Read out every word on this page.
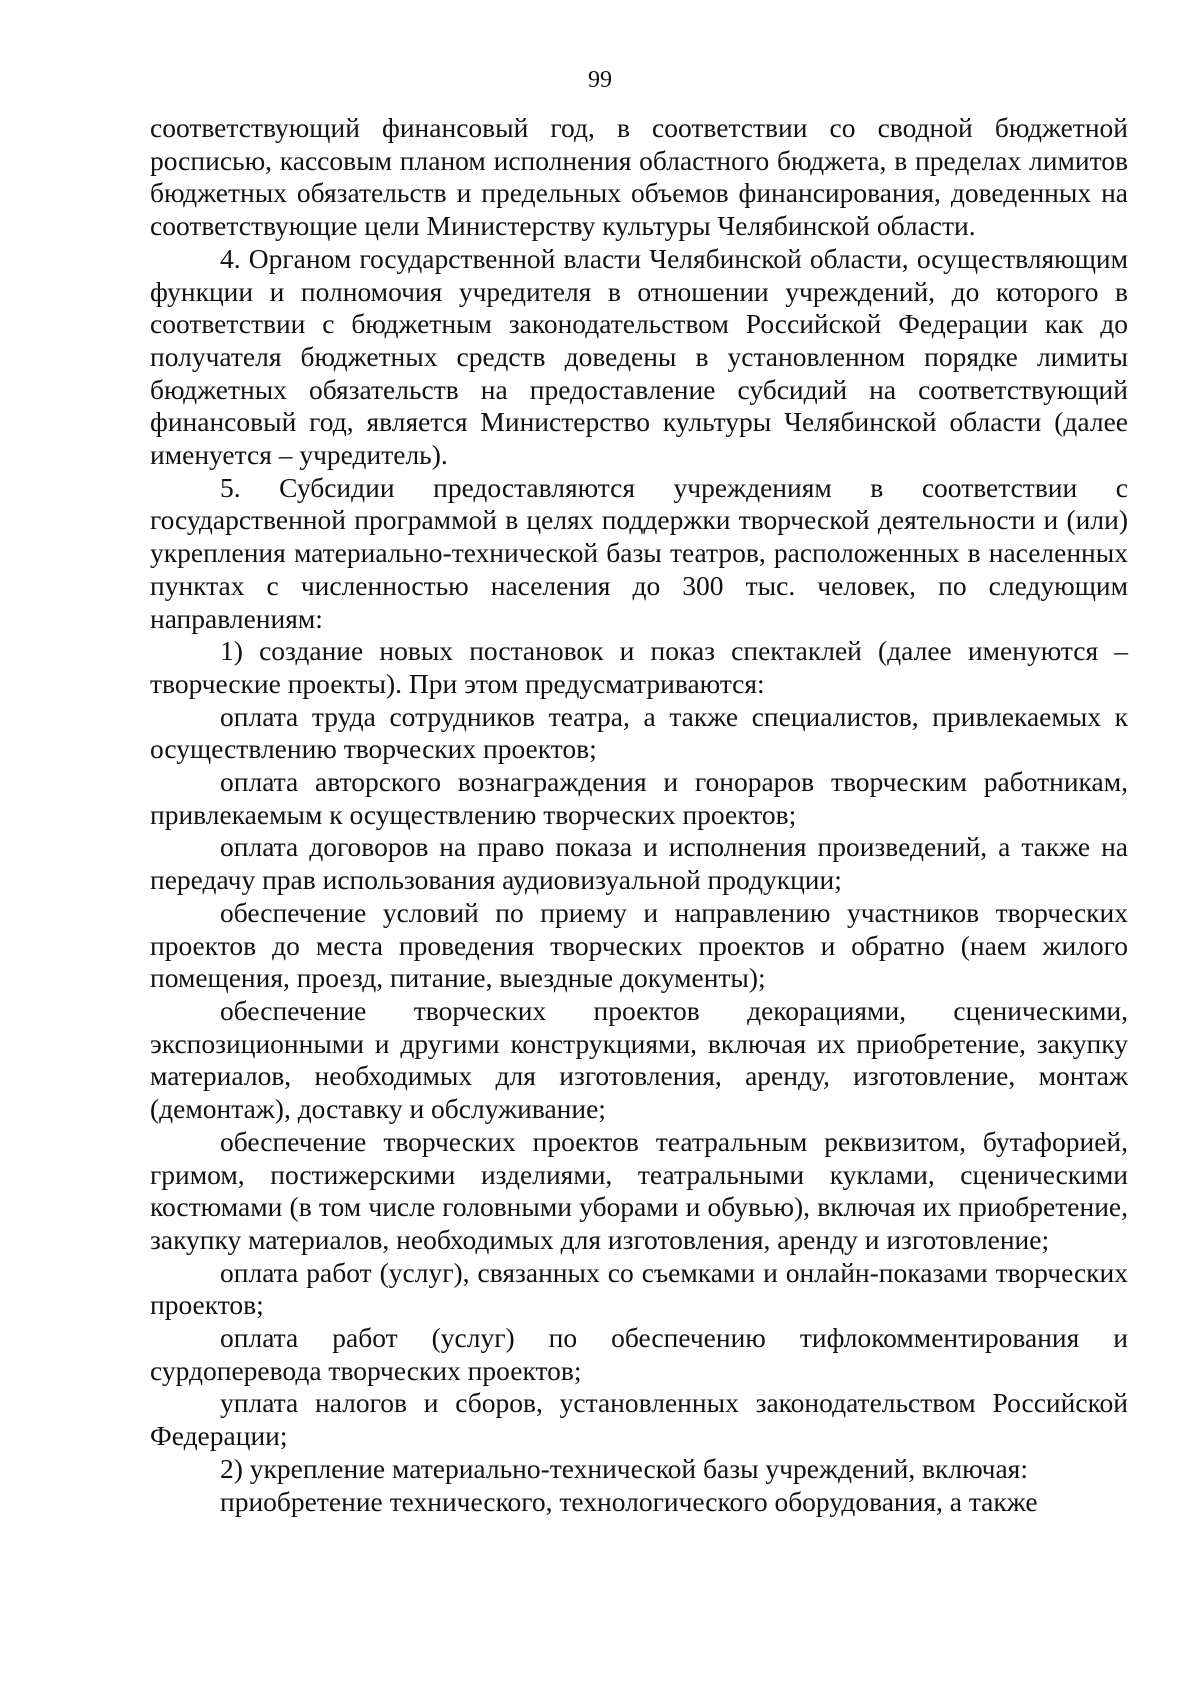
99

соответствующий финансовый год, в соответствии со сводной бюджетной росписью, кассовым планом исполнения областного бюджета, в пределах лимитов бюджетных обязательств и предельных объемов финансирования, доведенных на соответствующие цели Министерству культуры Челябинской области.

4. Органом государственной власти Челябинской области, осуществляющим функции и полномочия учредителя в отношении учреждений, до которого в соответствии с бюджетным законодательством Российской Федерации как до получателя бюджетных средств доведены в установленном порядке лимиты бюджетных обязательств на предоставление субсидий на соответствующий финансовый год, является Министерство культуры Челябинской области (далее именуется – учредитель).

5. Субсидии предоставляются учреждениям в соответствии с государственной программой в целях поддержки творческой деятельности и (или) укрепления материально-технической базы театров, расположенных в населенных пунктах с численностью населения до 300 тыс. человек, по следующим направлениям:

1) создание новых постановок и показ спектаклей (далее именуются – творческие проекты). При этом предусматриваются:

оплата труда сотрудников театра, а также специалистов, привлекаемых к осуществлению творческих проектов;

оплата авторского вознаграждения и гонораров творческим работникам, привлекаемым к осуществлению творческих проектов;

оплата договоров на право показа и исполнения произведений, а также на передачу прав использования аудиовизуальной продукции;

обеспечение условий по приему и направлению участников творческих проектов до места проведения творческих проектов и обратно (наем жилого помещения, проезд, питание, выездные документы);

обеспечение творческих проектов декорациями, сценическими, экспозиционными и другими конструкциями, включая их приобретение, закупку материалов, необходимых для изготовления, аренду, изготовление, монтаж (демонтаж), доставку и обслуживание;

обеспечение творческих проектов театральным реквизитом, бутафорией, гримом, постижерскими изделиями, театральными куклами, сценическими костюмами (в том числе головными уборами и обувью), включая их приобретение, закупку материалов, необходимых для изготовления, аренду и изготовление;

оплата работ (услуг), связанных со съемками и онлайн-показами творческих проектов;

оплата работ (услуг) по обеспечению тифлокомментирования и сурдоперевода творческих проектов;

уплата налогов и сборов, установленных законодательством Российской Федерации;

2) укрепление материально-технической базы учреждений, включая:

приобретение технического, технологического оборудования, а также
